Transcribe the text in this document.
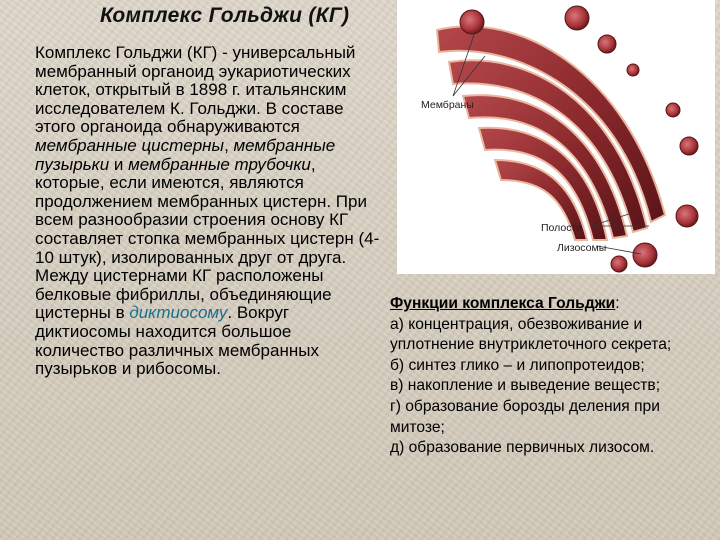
Комплекс Гольджи (КГ)
Комплекс Гольджи (КГ) - универсальный мембранный органоид эукариотических клеток, открытый в 1898 г. итальянским исследователем К. Гольджи. В составе этого органоида обнаруживаются мембранные цистерны, мембранные пузырьки и мембранные трубочки, которые, если имеются, являются продолжением мембранных цистерн. При всем разнообразии строения основу КГ составляет стопка мембранных цистерн (4-10 штук), изолированных друг от друга. Между цистернами КГ расположены белковые фибриллы, объединяющие цистерны в диктиосому. Вокруг диктиосомы находится большое количество различных мембранных пузырьков и рибосомы.
Мембраны
Полости
Лизосомы
Функции комплекса Гольджи:
а) концентрация, обезвоживание и уплотнение внутриклеточного секрета;
б) синтез глико – и липопротеидов;
в) накопление и выведение веществ;
г) образование борозды деления при митозе;
д) образование первичных лизосом.
